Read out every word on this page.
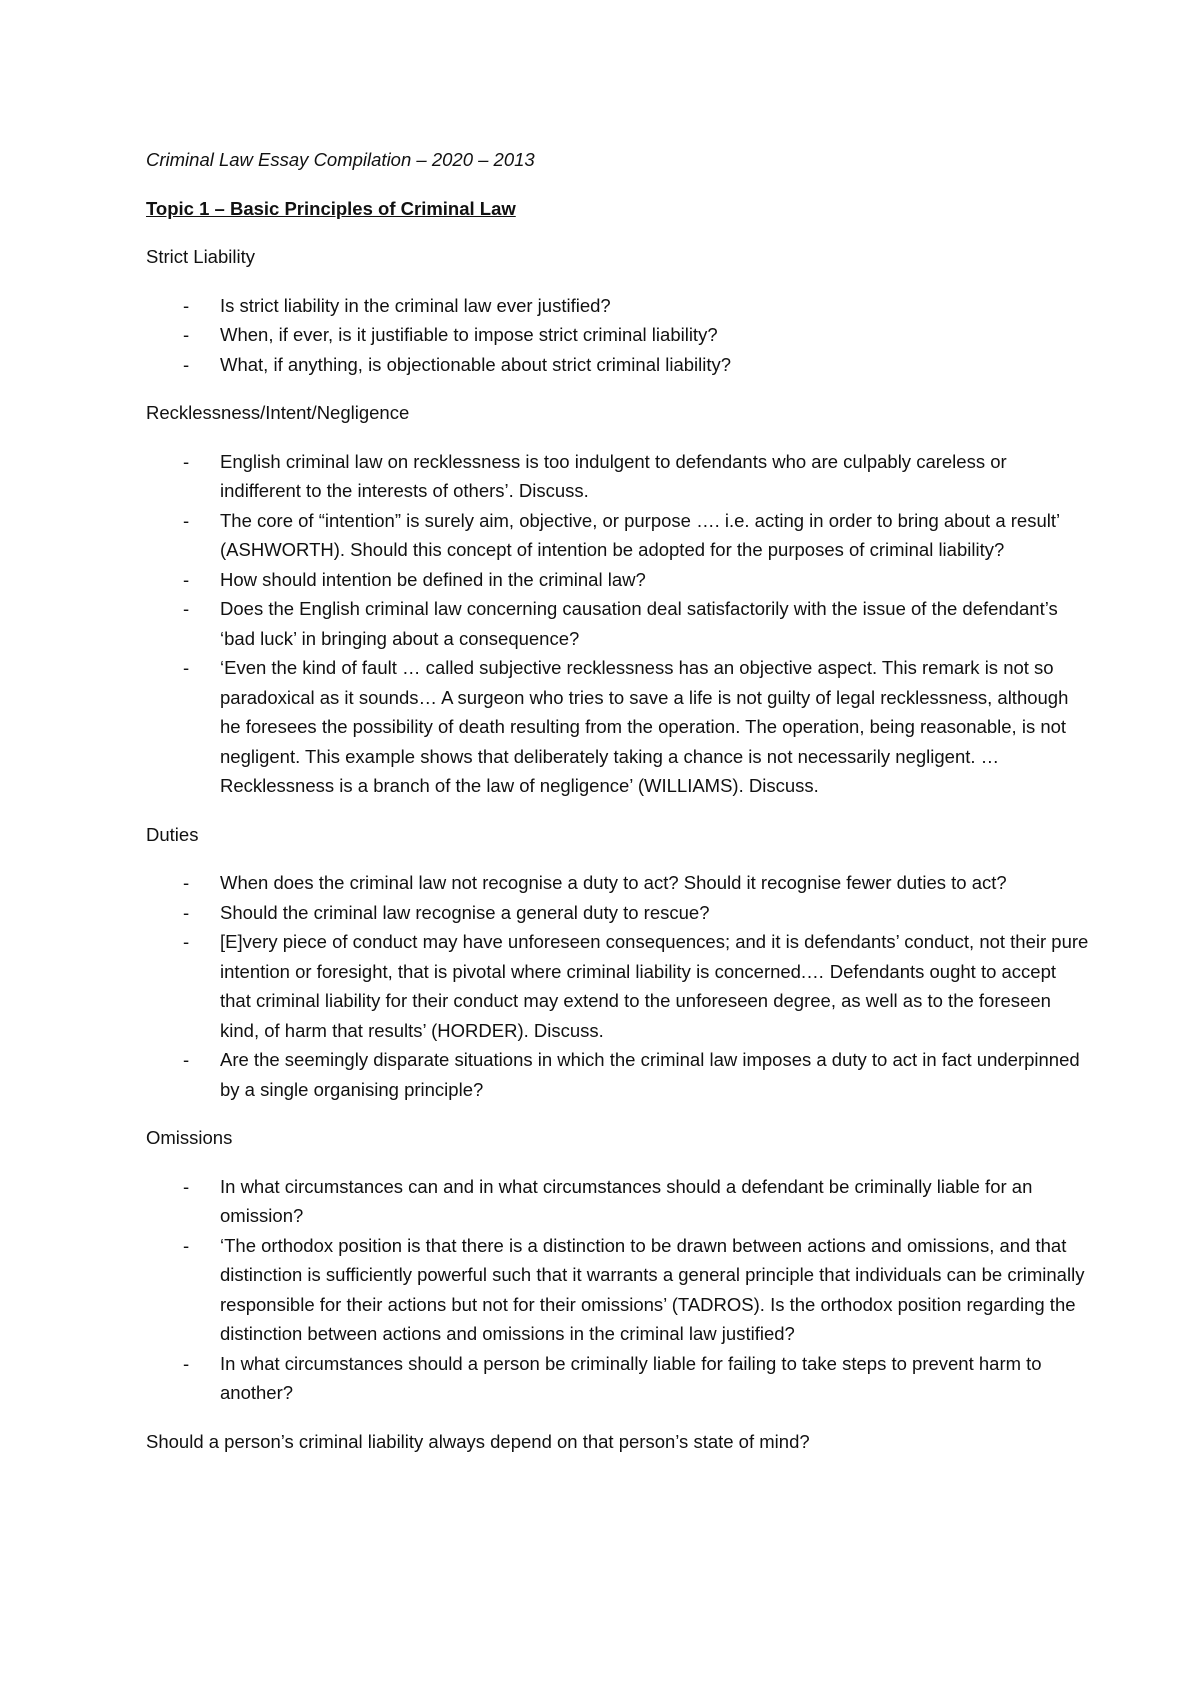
Criminal Law Essay Compilation – 2020 – 2013

Topic 1 – Basic Principles of Criminal Law

Strict Liability

- Is strict liability in the criminal law ever justified?
- When, if ever, is it justifiable to impose strict criminal liability?
- What, if anything, is objectionable about strict criminal liability?

Recklessness/Intent/Negligence

- English criminal law on recklessness is too indulgent to defendants who are culpably careless or indifferent to the interests of others’. Discuss.
- The core of “intention” is surely aim, objective, or purpose …. i.e. acting in order to bring about a result’ (ASHWORTH). Should this concept of intention be adopted for the purposes of criminal liability?
- How should intention be defined in the criminal law?
- Does the English criminal law concerning causation deal satisfactorily with the issue of the defendant’s ‘bad luck’ in bringing about a consequence?
- ‘Even the kind of fault … called subjective recklessness has an objective aspect. This remark is not so paradoxical as it sounds… A surgeon who tries to save a life is not guilty of legal recklessness, although he foresees the possibility of death resulting from the operation. The operation, being reasonable, is not negligent. This example shows that deliberately taking a chance is not necessarily negligent. … Recklessness is a branch of the law of negligence’ (WILLIAMS). Discuss.

Duties

- When does the criminal law not recognise a duty to act? Should it recognise fewer duties to act?
- Should the criminal law recognise a general duty to rescue?
- [E]very piece of conduct may have unforeseen consequences; and it is defendants’ conduct, not their pure intention or foresight, that is pivotal where criminal liability is concerned.… Defendants ought to accept that criminal liability for their conduct may extend to the unforeseen degree, as well as to the foreseen kind, of harm that results’ (HORDER). Discuss.
- Are the seemingly disparate situations in which the criminal law imposes a duty to act in fact underpinned by a single organising principle?

Omissions

- In what circumstances can and in what circumstances should a defendant be criminally liable for an omission?
- ‘The orthodox position is that there is a distinction to be drawn between actions and omissions, and that distinction is sufficiently powerful such that it warrants a general principle that individuals can be criminally responsible for their actions but not for their omissions’ (TADROS). Is the orthodox position regarding the distinction between actions and omissions in the criminal law justified?
- In what circumstances should a person be criminally liable for failing to take steps to prevent harm to another?

Should a person’s criminal liability always depend on that person’s state of mind?
